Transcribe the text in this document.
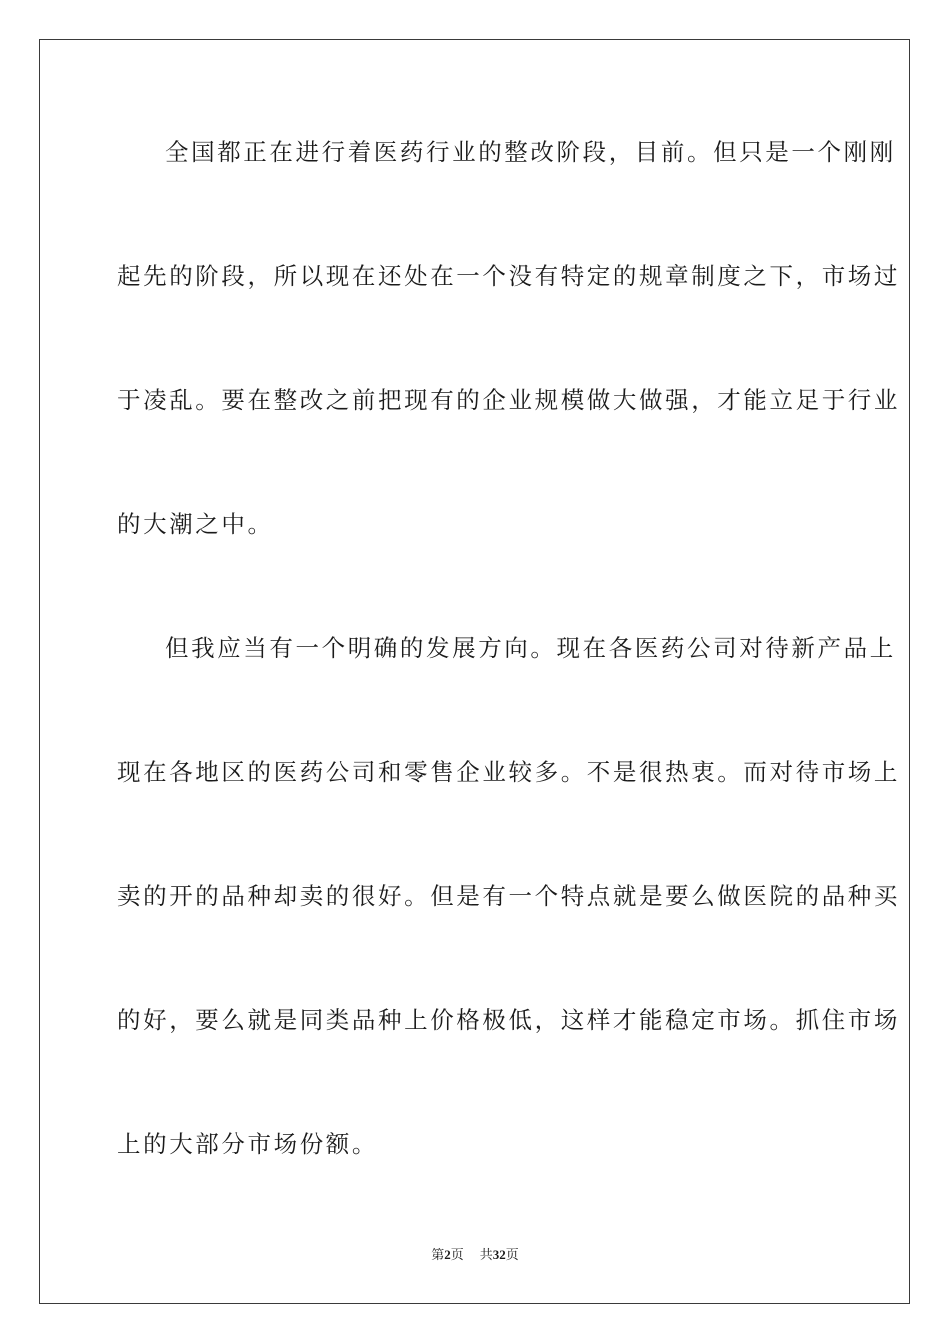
全国都正在进行着医药行业的整改阶段，目前。但只是一个刚刚
起先的阶段，所以现在还处在一个没有特定的规章制度之下，市场过
于凌乱。要在整改之前把现有的企业规模做大做强，才能立足于行业
的大潮之中。
但我应当有一个明确的发展方向。现在各医药公司对待新产品上
现在各地区的医药公司和零售企业较多。不是很热衷。而对待市场上
卖的开的品种却卖的很好。但是有一个特点就是要么做医院的品种买
的好，要么就是同类品种上价格极低，这样才能稳定市场。抓住市场
上的大部分市场份额。
第2页 共32页
